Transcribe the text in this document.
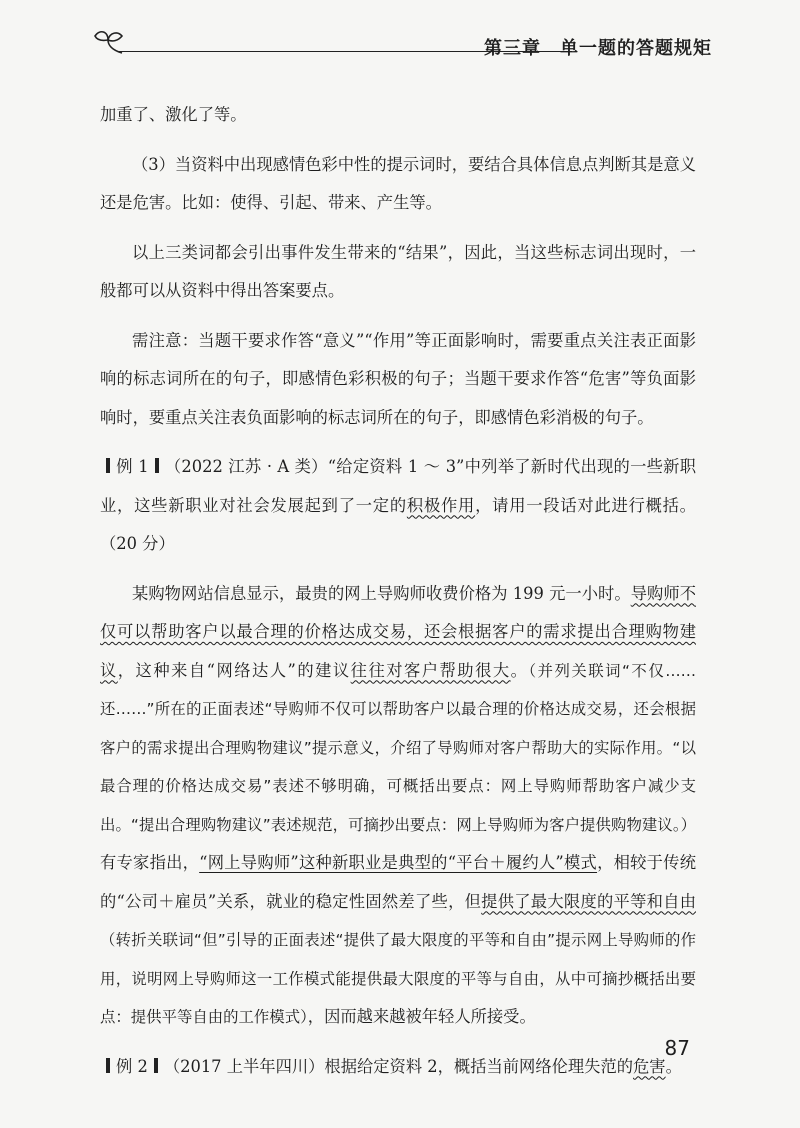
第三章　单一题的答题规矩

加重了、激化了等。

（3）当资料中出现感情色彩中性的提示词时，要结合具体信息点判断其是意义还是危害。比如：使得、引起、带来、产生等。

以上三类词都会引出事件发生带来的“结果”，因此，当这些标志词出现时，一般都可以从资料中得出答案要点。

需注意：当题干要求作答“意义”“作用”等正面影响时，需要重点关注表正面影响的标志词所在的句子，即感情色彩积极的句子；当题干要求作答“危害”等负面影响时，要重点关注表负面影响的标志词所在的句子，即感情色彩消极的句子。

例 1 （2022 江苏 · A 类）“给定资料 1 ～ 3”中列举了新时代出现的一些新职业，这些新职业对社会发展起到了一定的积极作用，请用一段话对此进行概括。（20 分）

某购物网站信息显示，最贵的网上导购师收费价格为 199 元一小时。导购师不仅可以帮助客户以最合理的价格达成交易，还会根据客户的需求提出合理购物建议，这种来自“网络达人”的建议往往对客户帮助很大。（并列关联词“不仅……还……”所在的正面表述“导购师不仅可以帮助客户以最合理的价格达成交易，还会根据客户的需求提出合理购物建议”提示意义，介绍了导购师对客户帮助大的实际作用。“以最合理的价格达成交易”表述不够明确，可概括出要点：网上导购师帮助客户减少支出。“提出合理购物建议”表述规范，可摘抄出要点：网上导购师为客户提供购物建议。）有专家指出，“网上导购师”这种新职业是典型的“平台＋履约人”模式，相较于传统的“公司＋雇员”关系，就业的稳定性固然差了些，但提供了最大限度的平等和自由（转折关联词“但”引导的正面表述“提供了最大限度的平等和自由”提示网上导购师的作用，说明网上导购师这一工作模式能提供最大限度的平等与自由，从中可摘抄概括出要点：提供平等自由的工作模式），因而越来越被年轻人所接受。

例 2 （2017 上半年四川）根据给定资料 2，概括当前网络伦理失范的危害。

87
